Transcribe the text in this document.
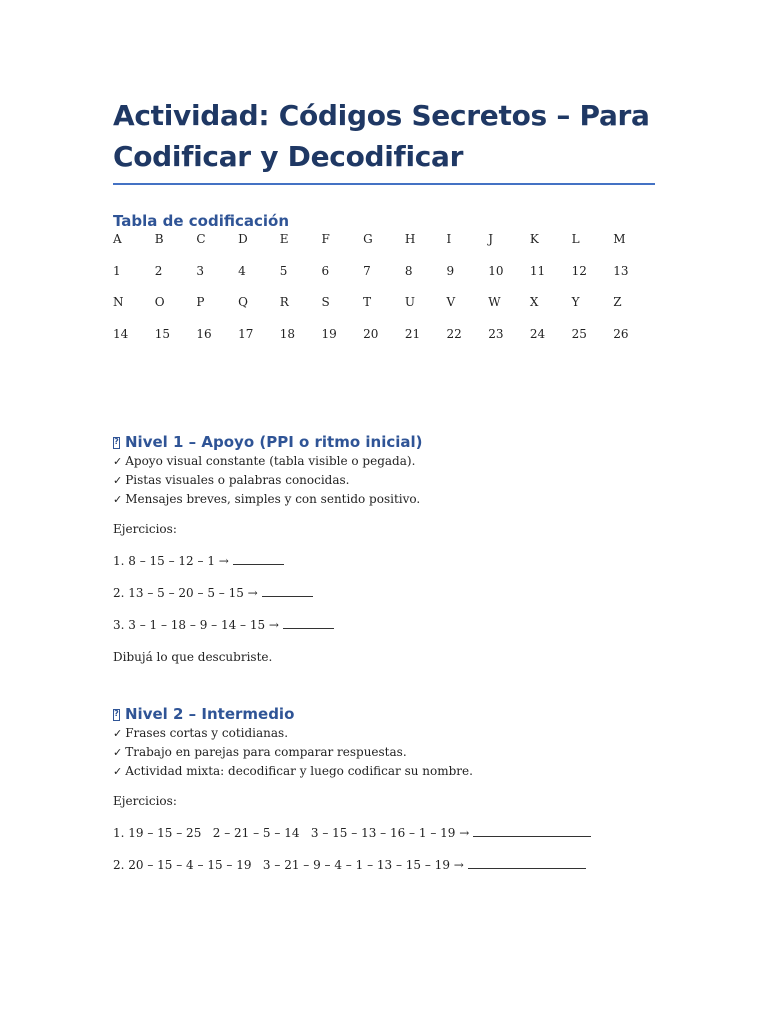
Actividad: Códigos Secretos – Para
Codificar y Decodificar
Tabla de codificación
A	B	C	D	E	F	G	H	I	J	K	L	M
1	2	3	4	5	6	7	8	9	10	11	12	13
N	O	P	Q	R	S	T	U	V	W	X	Y	Z
14	15	16	17	18	19	20	21	22	23	24	25	26
?
Nivel 1 – Apoyo (PPI o ritmo inicial)
✓ Apoyo visual constante (tabla visible o pegada).
✓ Pistas visuales o palabras conocidas.
✓ Mensajes breves, simples y con sentido positivo.

Ejercicios:

1. 8 – 15 – 12 – 1 →

2. 13 – 5 – 20 – 5 – 15 →

3. 3 – 1 – 18 – 9 – 14 – 15 →

Dibujá lo que descubriste.

?
Nivel 2 – Intermedio
✓ Frases cortas y cotidianas.
✓ Trabajo en parejas para comparar respuestas.
✓ Actividad mixta: decodificar y luego codificar su nombre.

Ejercicios:

1. 19 – 15 – 25   2 – 21 – 5 – 14   3 – 15 – 13 – 16 – 1 – 19 →

2. 20 – 15 – 4 – 15 – 19   3 – 21 – 9 – 4 – 1 – 13 – 15 – 19 →
